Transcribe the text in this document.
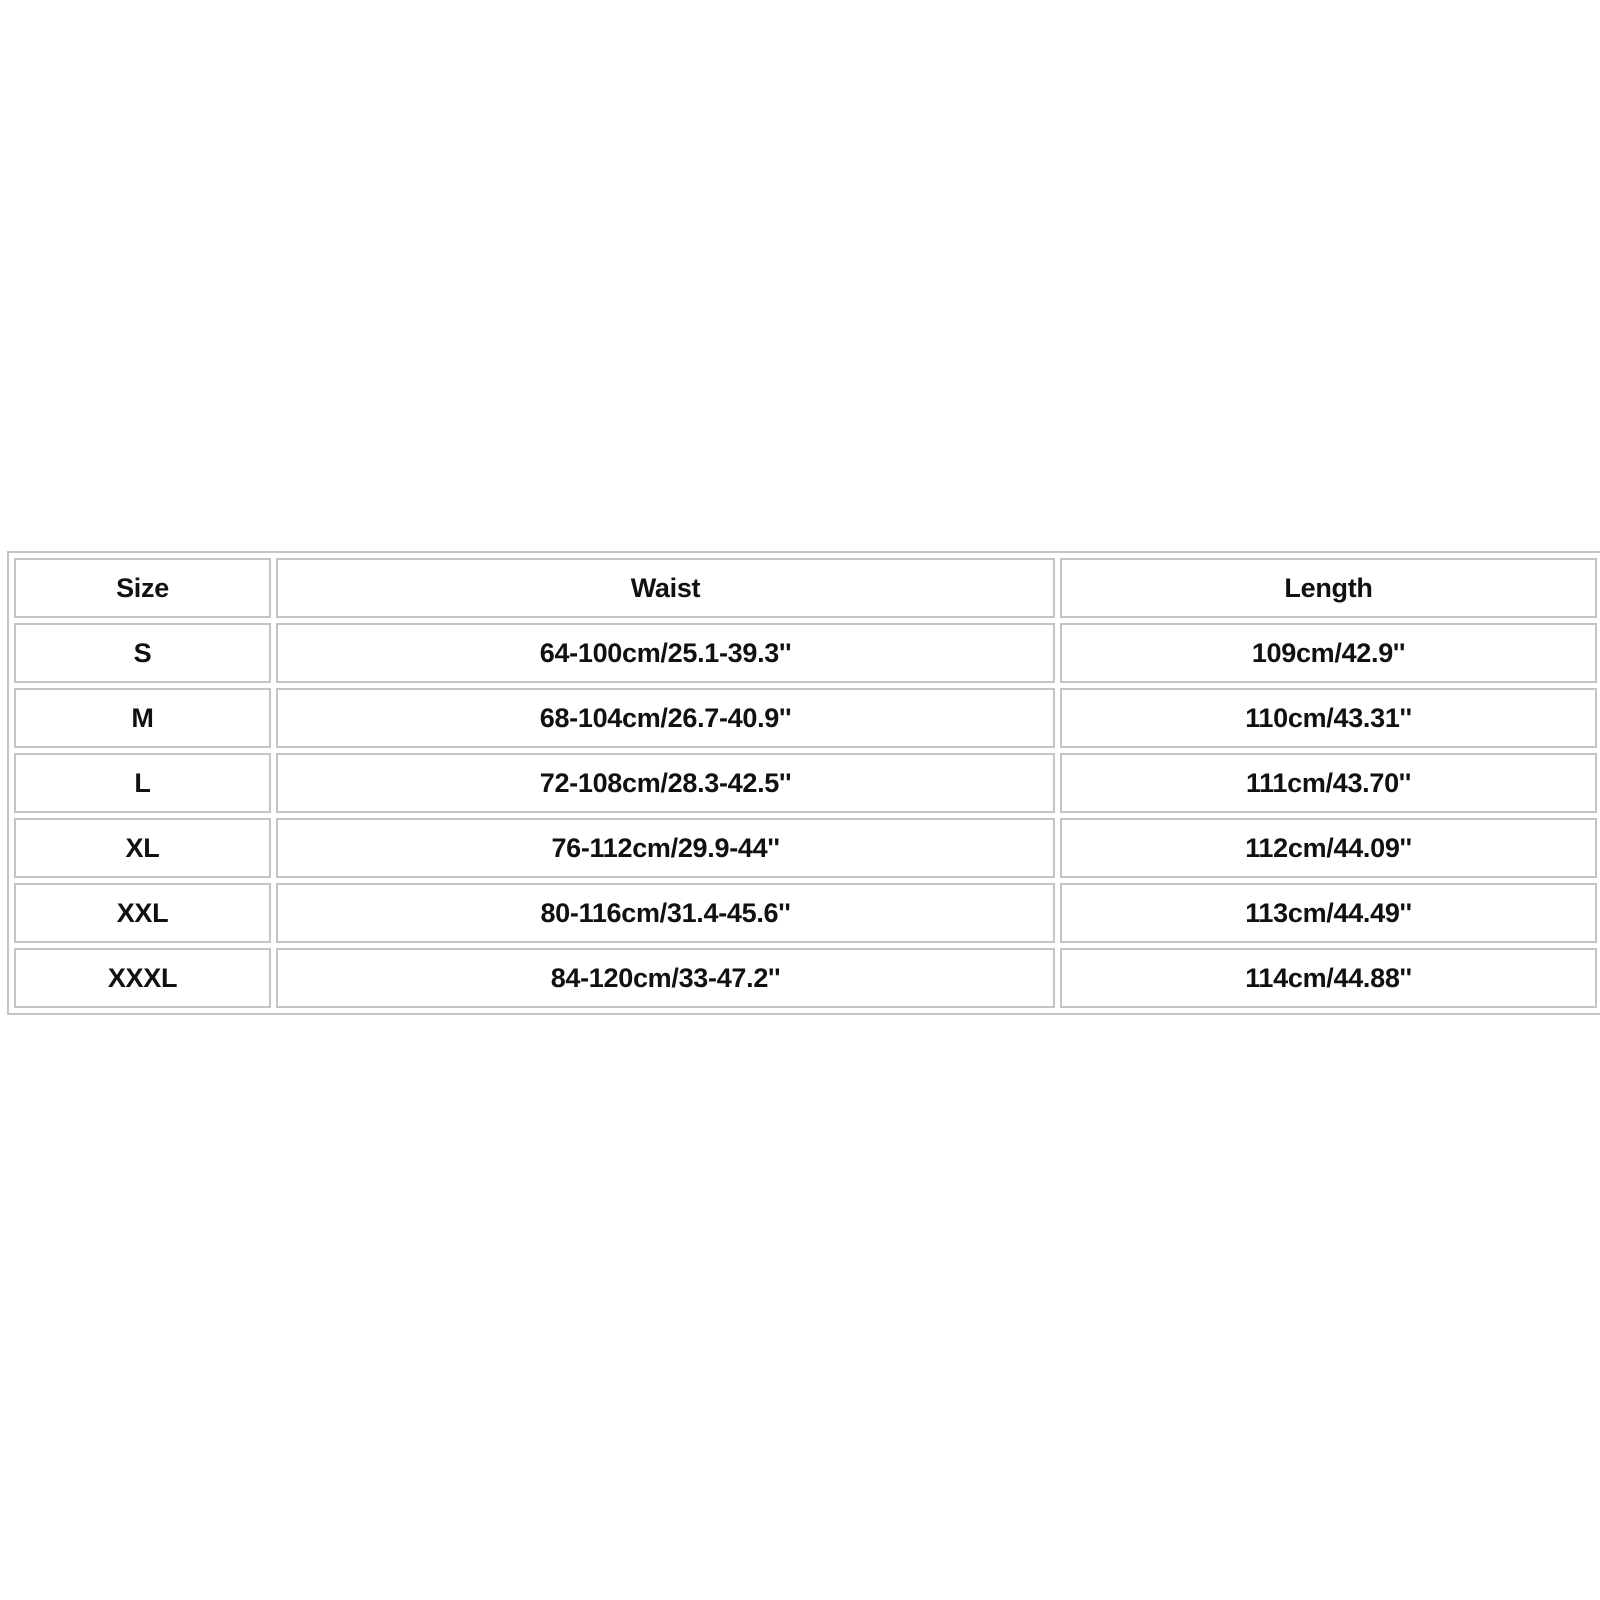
Size	Waist	Length
S	64-100cm/25.1-39.3''	109cm/42.9''
M	68-104cm/26.7-40.9''	110cm/43.31''
L	72-108cm/28.3-42.5''	111cm/43.70''
XL	76-112cm/29.9-44''	112cm/44.09''
XXL	80-116cm/31.4-45.6''	113cm/44.49''
XXXL	84-120cm/33-47.2''	114cm/44.88''
